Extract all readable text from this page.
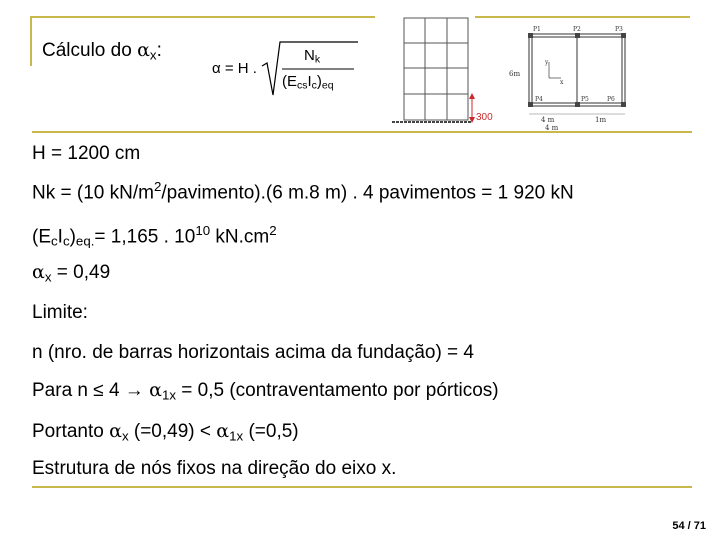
Cálculo do $\alpha_x$:
α = H .
$N_k$
$(E_{cs}I_c)_{eq}$
300
P1	P2	P3
P4	P5	P6
y
x
6m
4 m	1m
4 m
H = 1200 cm
Nk = (10 $kN/m^2/pavimento).(6$ m.8 m) . 4 pavimentos = 1 920 kN
$(E_cI_c)_{eq.}= 1,165$ . $10^{10}$ $kN.cm^2$
$\alpha_x = 0,49$
Limite:
n (nro. de barras horizontais acima da fundação) = 4
Para $n \le 4 \to \alpha_{1x} = 0,5$ (contraventamento por pórticos)
Portanto $\alpha_x$ $(=0,49) < \alpha_{1x}$ (=0,5)
Estrutura de nós fixos na direção do eixo x.
54 / 71
